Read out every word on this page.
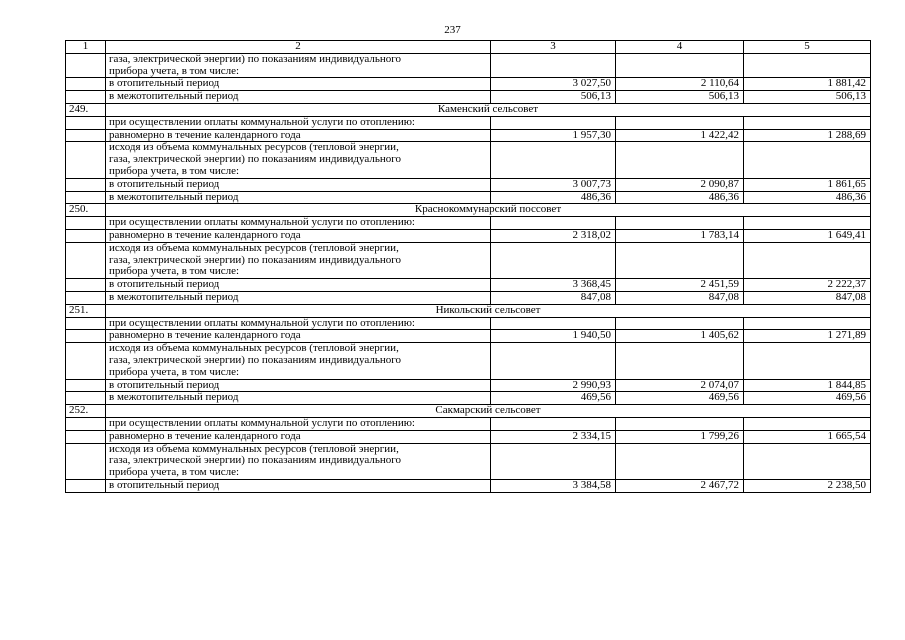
237
1	2	3	4	5

	газа, электрической энергии) по показаниям индивидуального
прибора учета, в том числе:			

	в отопительный период	3 027,50	2 110,64	1 881,42
	в межотопительный период	506,13	506,13	506,13
249.	Каменский сельсовет			
	при осуществлении оплаты коммунальной услуги по отоплению:			
	равномерно в течение календарного года	1 957,30	1 422,42	1 288,69

	исходя из объема коммунальных ресурсов (тепловой энергии,
газа, электрической энергии) по показаниям индивидуального
прибора учета, в том числе:			

	в отопительный период	3 007,73	2 090,87	1 861,65
	в межотопительный период	486,36	486,36	486,36
250.	Краснокоммунарский поссовет			
	при осуществлении оплаты коммунальной услуги по отоплению:			
	равномерно в течение календарного года	2 318,02	1 783,14	1 649,41

	исходя из объема коммунальных ресурсов (тепловой энергии,
газа, электрической энергии) по показаниям индивидуального
прибора учета, в том числе:			

	в отопительный период	3 368,45	2 451,59	2 222,37
	в межотопительный период	847,08	847,08	847,08
251.	Никольский сельсовет			
	при осуществлении оплаты коммунальной услуги по отоплению:			
	равномерно в течение календарного года	1 940,50	1 405,62	1 271,89

	исходя из объема коммунальных ресурсов (тепловой энергии,
газа, электрической энергии) по показаниям индивидуального
прибора учета, в том числе:			

	в отопительный период	2 990,93	2 074,07	1 844,85
	в межотопительный период	469,56	469,56	469,56
252.	Сакмарский сельсовет			
	при осуществлении оплаты коммунальной услуги по отоплению:			
	равномерно в течение календарного года	2 334,15	1 799,26	1 665,54

	исходя из объема коммунальных ресурсов (тепловой энергии,
газа, электрической энергии) по показаниям индивидуального
прибора учета, в том числе:			

	в отопительный период	3 384,58	2 467,72	2 238,50
